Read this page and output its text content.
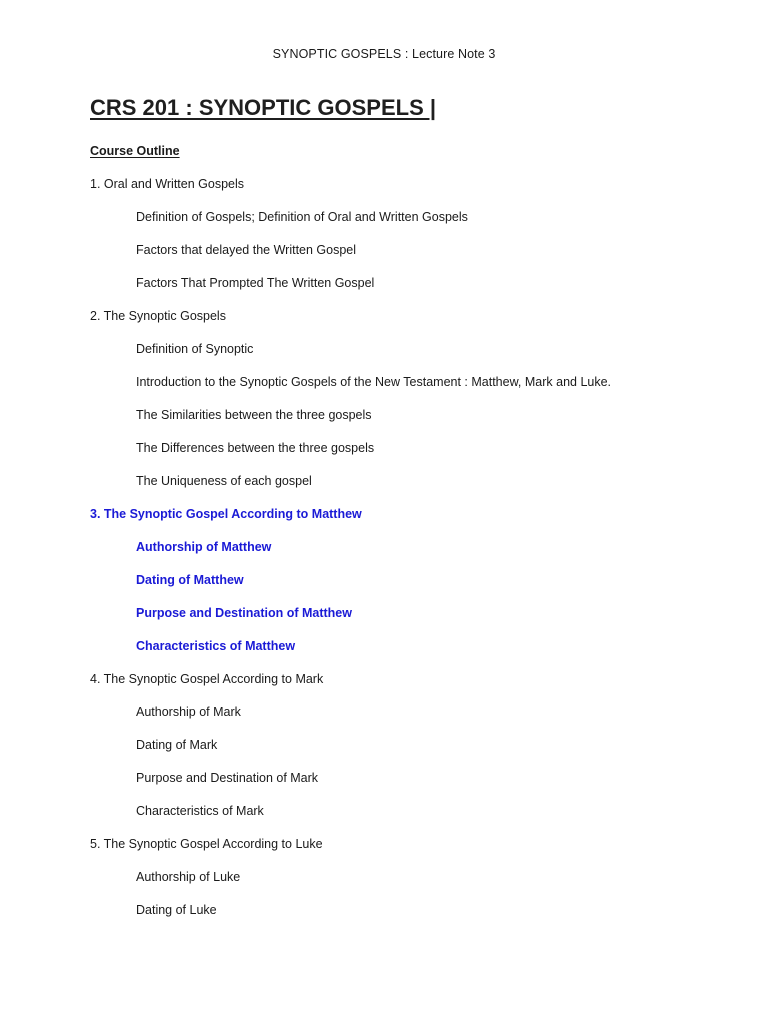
SYNOPTIC GOSPELS : Lecture Note 3
CRS 201 : SYNOPTIC GOSPELS |
Course Outline
1. Oral and Written Gospels
Definition of Gospels; Definition of Oral and Written Gospels
Factors that delayed the Written Gospel
Factors That Prompted The Written Gospel
2. The Synoptic Gospels
Definition of Synoptic
Introduction to the Synoptic Gospels of the New Testament : Matthew, Mark and Luke.
The Similarities between the three gospels
The Differences between the three gospels
The Uniqueness of each gospel
3. The Synoptic Gospel According to Matthew
Authorship of Matthew
Dating of Matthew
Purpose and Destination of Matthew
Characteristics of Matthew
4. The Synoptic Gospel According to Mark
Authorship of Mark
Dating of Mark
Purpose and Destination of Mark
Characteristics of Mark
5. The Synoptic Gospel According to Luke
Authorship of Luke
Dating of Luke
